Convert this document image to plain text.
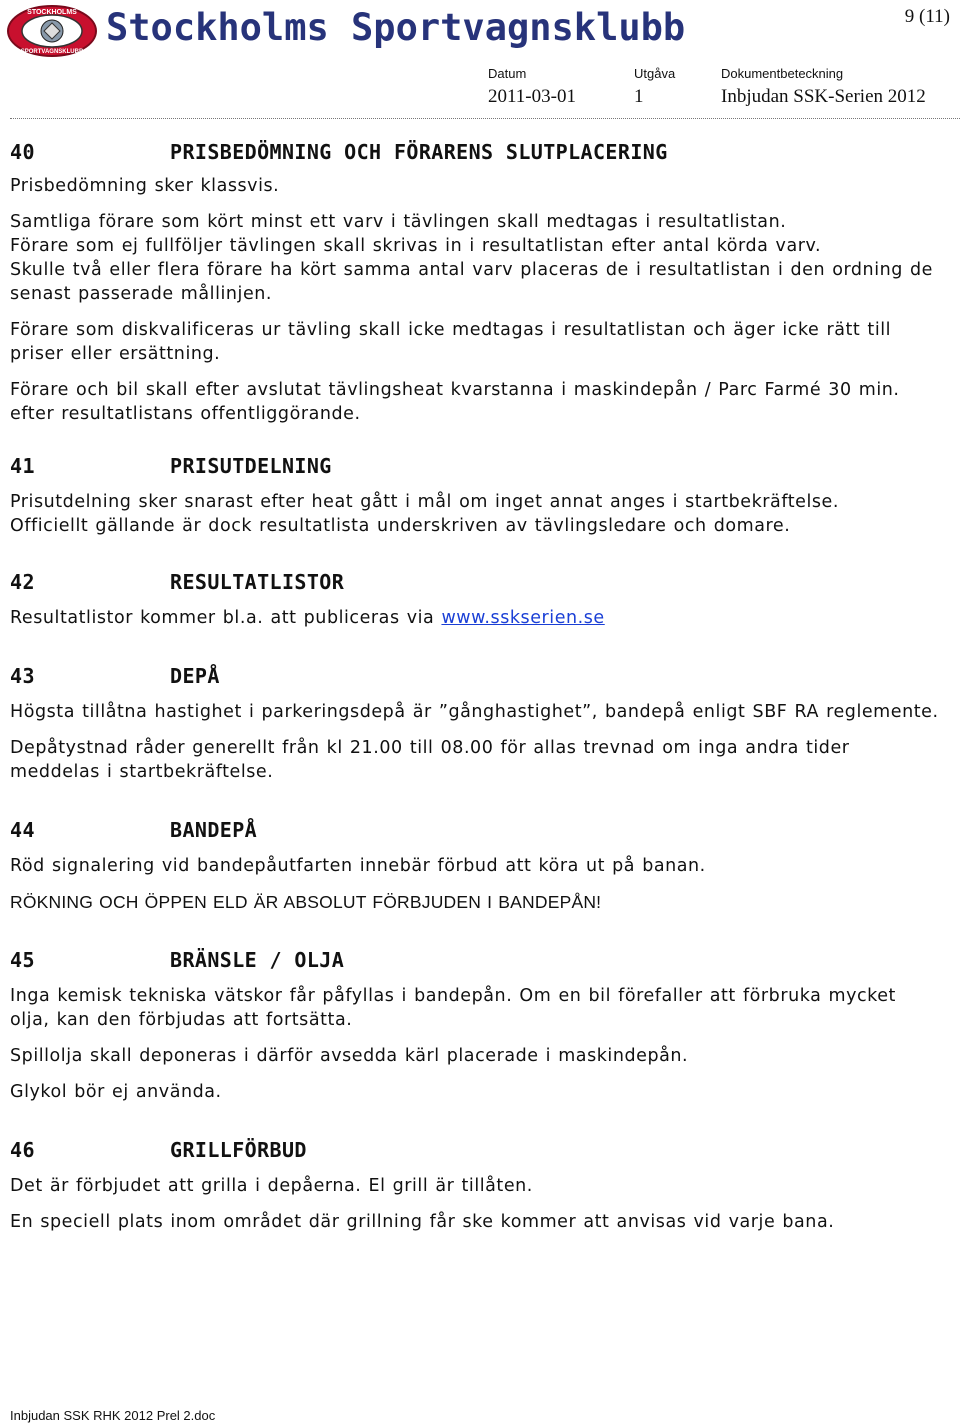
STOCKHOLMS
SPORTVAGNSKLUBB
Stockholms Sportvagnsklubb	9 (11)
Datum	Utgåva	Dokumentbeteckning
2011-03-01	1	Inbjudan SSK-Serien 2012
40	PRISBEDÖMNING OCH FÖRARENS SLUTPLACERING

Prisbedömning sker klassvis.

Samtliga förare som kört minst ett varv i tävlingen skall medtagas i resultatlistan.

Förare som ej fullföljer tävlingen skall skrivas in i resultatlistan efter antal körda varv.

Skulle två eller flera förare ha kört samma antal varv placeras de i resultatlistan i den ordning de senast passerade mållinjen.

Förare som diskvalificeras ur tävling skall icke medtagas i resultatlistan och äger icke rätt till priser eller ersättning.

Förare och bil skall efter avslutat tävlingsheat kvarstanna i maskindepån / Parc Farmé 30 min. efter resultatlistans offentliggörande.

41	PRISUTDELNING

Prisutdelning sker snarast efter heat gått i mål om inget annat anges i startbekräftelse.

Officiellt gällande är dock resultatlista underskriven av tävlingsledare och domare.

42	RESULTATLISTOR

Resultatlistor kommer bl.a. att publiceras via www.sskserien.se

43	DEPÅ

Högsta tillåtna hastighet i parkeringsdepå är ”gånghastighet”, bandepå enligt SBF RA reglemente.

Depåtystnad råder generellt från kl 21.00 till 08.00 för allas trevnad om inga andra tider meddelas i startbekräftelse.

44	BANDEPÅ

Röd signalering vid bandepåutfarten innebär förbud att köra ut på banan.

RÖKNING OCH ÖPPEN ELD ÄR ABSOLUT FÖRBJUDEN I BANDEPÅN!

45	BRÄNSLE / OLJA

Inga kemisk tekniska vätskor får påfyllas i bandepån. Om en bil förefaller att förbruka mycket olja, kan den förbjudas att fortsätta.

Spillolja skall deponeras i därför avsedda kärl placerade i maskindepån.

Glykol bör ej använda.

46	GRILLFÖRBUD

Det är förbjudet att grilla i depåerna. El grill är tillåten.

En speciell plats inom området där grillning får ske kommer att anvisas vid varje bana.

Inbjudan SSK RHK 2012 Prel 2.doc
